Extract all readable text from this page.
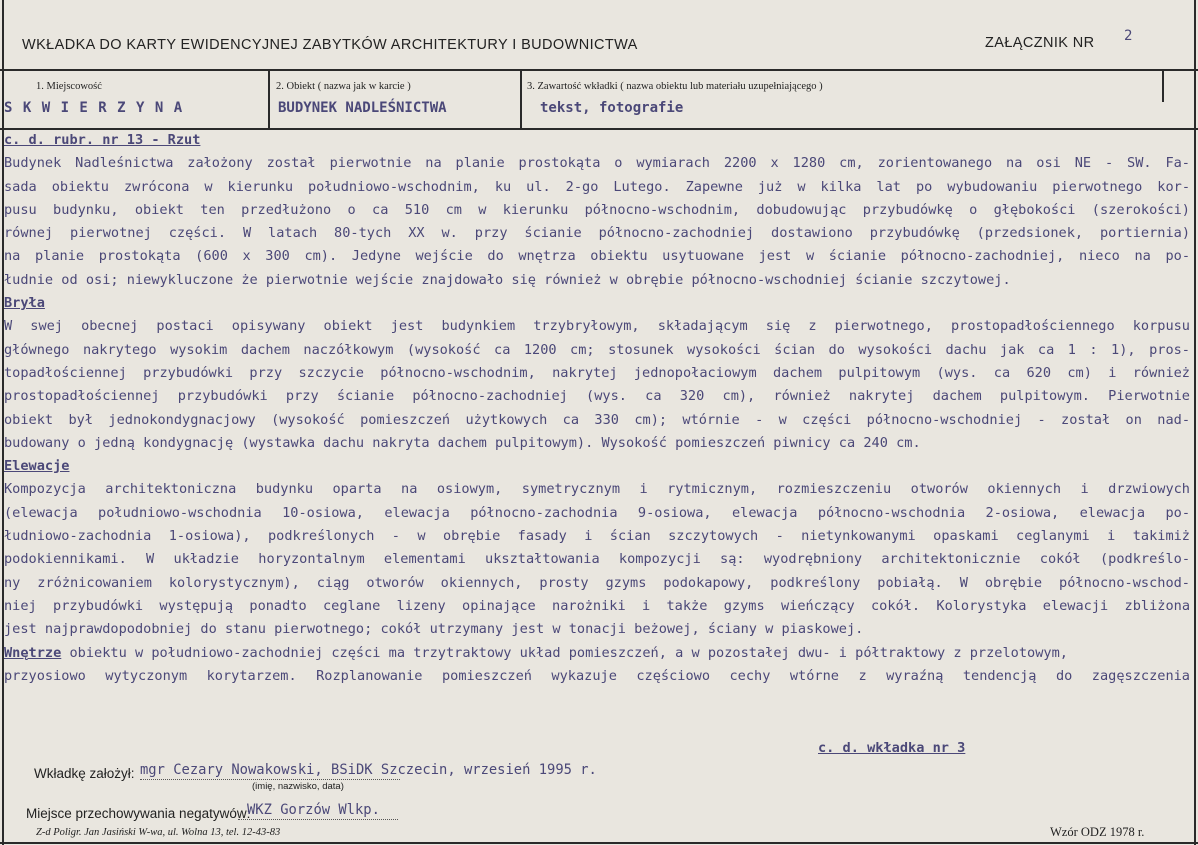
WKŁADKA DO KARTY EWIDENCYJNEJ ZABYTKÓW ARCHITEKTURY I BUDOWNICTWA	ZAŁĄCZNIK NR 2
1. Miejscowość
S K W I E R Z Y N A
2. Obiekt ( nazwa jak w karcie )
BUDYNEK NADLEŚNICTWA
3. Zawartość wkładki ( nazwa obiektu lub materiału uzupełniającego )
tekst, fotografie
c. d. rubr. nr 13 - Rzut
Budynek Nadleśnictwa założony został pierwotnie na planie prostokąta o wymiarach 2200 x 1280 cm, zorientowanego na osi NE - SW. Fa-
sada obiektu zwrócona w kierunku południowo-wschodnim, ku ul. 2-go Lutego. Zapewne już w kilka lat po wybudowaniu pierwotnego kor-
pusu budynku, obiekt ten przedłużono o ca 510 cm w kierunku północno-wschodnim, dobudowując przybudówkę o głębokości (szerokości)
równej pierwotnej części. W latach 80-tych XX w. przy ścianie północno-zachodniej dostawiono przybudówkę (przedsionek, portiernia)
na planie prostokąta (600 x 300 cm). Jedyne wejście do wnętrza obiektu usytuowane jest w ścianie północno-zachodniej, nieco na po-
łudnie od osi; niewykluczone że pierwotnie wejście znajdowało się również w obrębie północno-wschodniej ścianie szczytowej.
Bryła
W swej obecnej postaci opisywany obiekt jest budynkiem trzybryłowym, składającym się z pierwotnego, prostopadłościennego korpusu
głównego nakrytego wysokim dachem naczółkowym (wysokość ca 1200 cm; stosunek wysokości ścian do wysokości dachu jak ca 1 : 1), pros-
topadłościennej przybudówki przy szczycie północno-wschodnim, nakrytej jednopołaciowym dachem pulpitowym (wys. ca 620 cm) i również
prostopadłościennej przybudówki przy ścianie północno-zachodniej (wys. ca 320 cm), również nakrytej dachem pulpitowym. Pierwotnie
obiekt był jednokondygnacjowy (wysokość pomieszczeń użytkowych ca 330 cm); wtórnie - w części północno-wschodniej - został on nad-
budowany o jedną kondygnację (wystawka dachu nakryta dachem pulpitowym). Wysokość pomieszczeń piwnicy ca 240 cm.
Elewacje
Kompozycja architektoniczna budynku oparta na osiowym, symetrycznym i rytmicznym, rozmieszczeniu otworów okiennych i drzwiowych
(elewacja południowo-wschodnia 10-osiowa, elewacja północno-zachodnia 9-osiowa, elewacja północno-wschodnia 2-osiowa, elewacja po-
łudniowo-zachodnia 1-osiowa), podkreślonych - w obrębie fasady i ścian szczytowych - nietynkowanymi opaskami ceglanymi i takimiż
podokiennikami. W układzie horyzontalnym elementami ukształtowania kompozycji są: wyodrębniony architektonicznie cokół (podkreślo-
ny zróżnicowaniem kolorystycznym), ciąg otworów okiennych, prosty gzyms podokapowy, podkreślony pobiałą. W obrębie północno-wschod-
niej przybudówki występują ponadto ceglane lizeny opinające narożniki i także gzyms wieńczący cokół. Kolorystyka elewacji zbliżona
jest najprawdopodobniej do stanu pierwotnego; cokół utrzymany jest w tonacji beżowej, ściany w piaskowej.
Wnętrze obiektu w południowo-zachodniej części ma trzytraktowy układ pomieszczeń, a w pozostałej dwu- i półtraktowy z przelotowym,
przyosiowo wytyczonym korytarzem. Rozplanowanie pomieszczeń wykazuje częściowo cechy wtórne z wyraźną tendencją do zagęszczenia
c. d. wkładka nr 3
Wkładkę założył: mgr Cezary Nowakowski, BSiDK Szczecin, wrzesień 1995 r.
(imię, nazwisko, data)
Miejsce przechowywania negatywów:
WKZ Gorzów Wlkp.
Z-d Poligr. Jan Jasiński W-wa, ul. Wolna 13, tel. 12-43-83	Wzór ODZ 1978 r.
